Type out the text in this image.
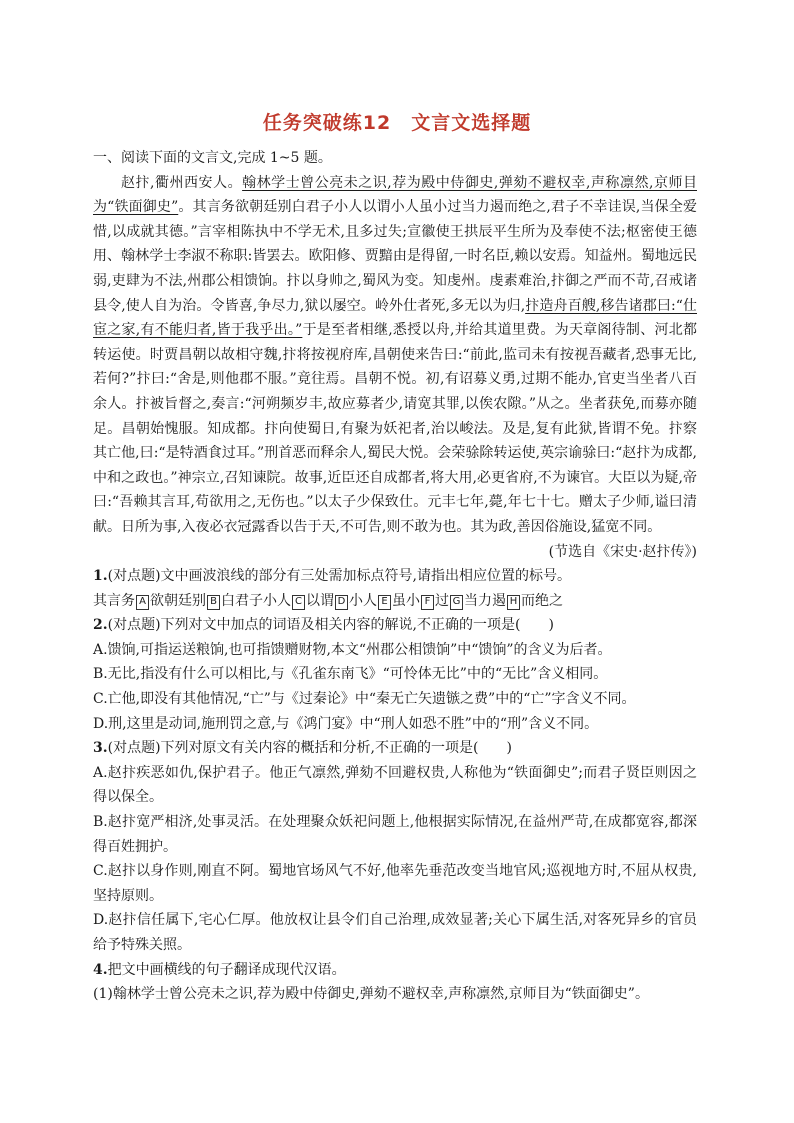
任务突破练12　文言文选择题

一、阅读下面的文言文,完成 1~5 题。

赵抃,衢州西安人。翰林学士曾公亮未之识,荐为殿中侍御史,弹劾不避权幸,声称凛然,京师目为“铁面御史”。其言务欲朝廷别白君子小人以谓小人虽小过当力遏而绝之,君子不幸诖误,当保全爱惜,以成就其德。”言宰相陈执中不学无术,且多过失;宣徽使王拱辰平生所为及奉使不法;枢密使王德用、翰林学士李淑不称职:皆罢去。欧阳修、贾黯由是得留,一时名臣,赖以安焉。知益州。蜀地远民弱,吏肆为不法,州郡公相馈饷。抃以身帅之,蜀风为变。知虔州。虔素难治,抃御之严而不苛,召戒诸县令,使人自为治。令皆喜,争尽力,狱以屡空。岭外仕者死,多无以为归,抃造舟百艘,移告诸郡曰:“仕宦之家,有不能归者,皆于我乎出。”于是至者相继,悉授以舟,并给其道里费。为天章阁待制、河北都转运使。时贾昌朝以故相守魏,抃将按视府库,昌朝使来告曰:“前此,监司未有按视吾藏者,恐事无比,若何?”抃曰:“舍是,则他郡不服。”竟往焉。昌朝不悦。初,有诏募义勇,过期不能办,官吏当坐者八百余人。抃被旨督之,奏言:“河朔频岁丰,故应募者少,请宽其罪,以俟农隙。”从之。坐者获免,而募亦随足。昌朝始愧服。知成都。抃向使蜀日,有聚为妖祀者,治以峻法。及是,复有此狱,皆谓不免。抃察其亡他,曰:“是特酒食过耳。”刑首恶而释余人,蜀民大悦。会荣𬳿除转运使,英宗谕𬳿曰:“赵抃为成都,中和之政也。”神宗立,召知谏院。故事,近臣还自成都者,将大用,必更省府,不为谏官。大臣以为疑,帝曰:“吾赖其言耳,苟欲用之,无伤也。”以太子少保致仕。元丰七年,薨,年七十七。赠太子少师,谥曰清献。日所为事,入夜必衣冠露香以告于天,不可告,则不敢为也。其为政,善因俗施设,猛宽不同。

(节选自《宋史·赵抃传》)

1.(对点题)文中画波浪线的部分有三处需加标点符号,请指出相应位置的标号。

其言务 A 欲朝廷别 B 白君子小人 C 以谓 D 小人 E 虽小 F 过 G 当力遏 H 而绝之

2.(对点题)下列对文中加点的词语及相关内容的解说,不正确的一项是(　　)

A.馈饷,可指运送粮饷,也可指馈赠财物,本文“州郡公相馈饷”中“馈饷”的含义为后者。

B.无比,指没有什么可以相比,与《孔雀东南飞》“可怜体无比”中的“无比”含义相同。

C.亡他,即没有其他情况,“亡”与《过秦论》中“秦无亡矢遗镞之费”中的“亡”字含义不同。

D.刑,这里是动词,施刑罚之意,与《鸿门宴》中“刑人如恐不胜”中的“刑”含义不同。

3.(对点题)下列对原文有关内容的概括和分析,不正确的一项是(　　)

A.赵抃疾恶如仇,保护君子。他正气凛然,弹劾不回避权贵,人称他为“铁面御史”;而君子贤臣则因之得以保全。

B.赵抃宽严相济,处事灵活。在处理聚众妖祀问题上,他根据实际情况,在益州严苛,在成都宽容,都深得百姓拥护。

C.赵抃以身作则,刚直不阿。蜀地官场风气不好,他率先垂范改变当地官风;巡视地方时,不屈从权贵,坚持原则。

D.赵抃信任属下,宅心仁厚。他放权让县令们自己治理,成效显著;关心下属生活,对客死异乡的官员给予特殊关照。

4.把文中画横线的句子翻译成现代汉语。

(1)翰林学士曾公亮未之识,荐为殿中侍御史,弹劾不避权幸,声称凛然,京师目为“铁面御史”。
